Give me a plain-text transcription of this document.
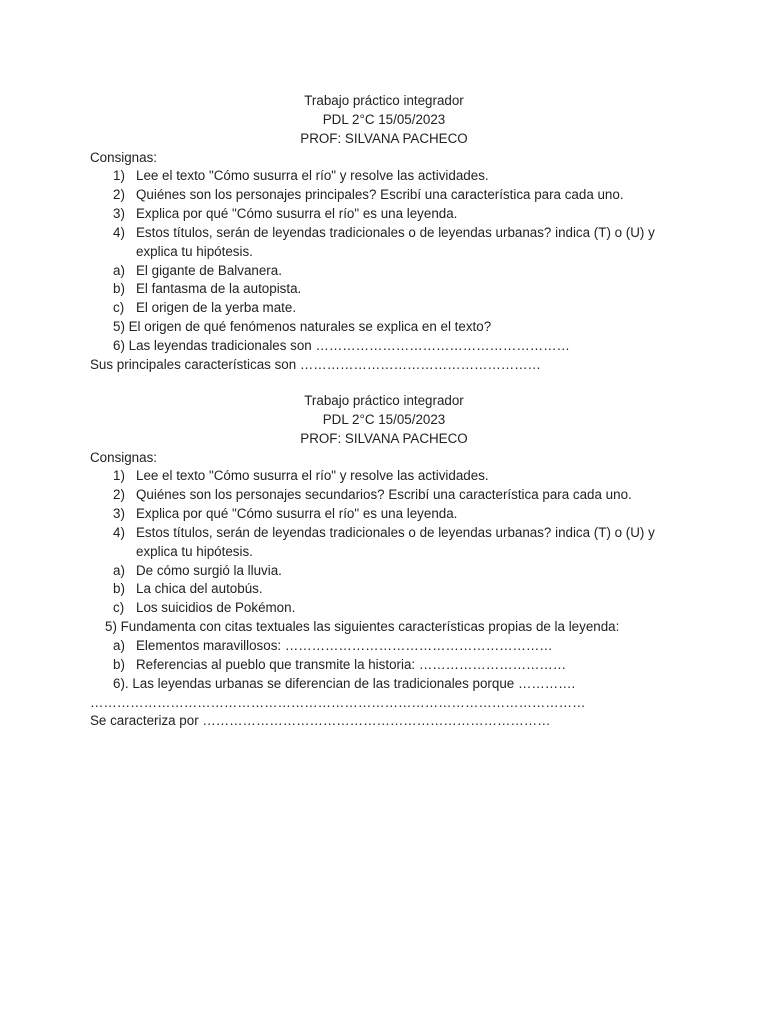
Trabajo práctico integrador
PDL 2°C 15/05/2023
PROF: SILVANA PACHECO
Consignas:
1) Lee el texto "Cómo susurra el río" y resolve las actividades.
2) Quiénes son los personajes principales? Escribí una característica para cada uno.
3) Explica por qué "Cómo susurra el río" es una leyenda.
4) Estos títulos, serán de leyendas tradicionales o de leyendas urbanas? indica (T) o (U) y
explica tu hipótesis.
a) El gigante de Balvanera.
b) El fantasma de la autopista.
c) El origen de la yerba mate.
5) El origen de qué fenómenos naturales se explica en el texto?
6) Las leyendas tradicionales son …………………………………………………
Sus principales características son ………………………………………………
Trabajo práctico integrador
PDL 2°C 15/05/2023
PROF: SILVANA PACHECO
Consignas:
1) Lee el texto "Cómo susurra el río" y resolve las actividades.
2) Quiénes son los personajes secundarios? Escribí una característica para cada uno.
3) Explica por qué "Cómo susurra el río" es una leyenda.
4) Estos títulos, serán de leyendas tradicionales o de leyendas urbanas? indica (T) o (U) y
explica tu hipótesis.
a) De cómo surgió la lluvia.
b) La chica del autobús.
c) Los suicidios de Pokémon.
5) Fundamenta con citas textuales las siguientes características propias de la leyenda:
a) Elementos maravillosos: ……………………………………………………
b) Referencias al pueblo que transmite la historia: ……………………………
6). Las leyendas urbanas se diferencian de las tradicionales porque ………….
…………………………………………………………………………………………………
Se caracteriza por ……………………………………………………………………
